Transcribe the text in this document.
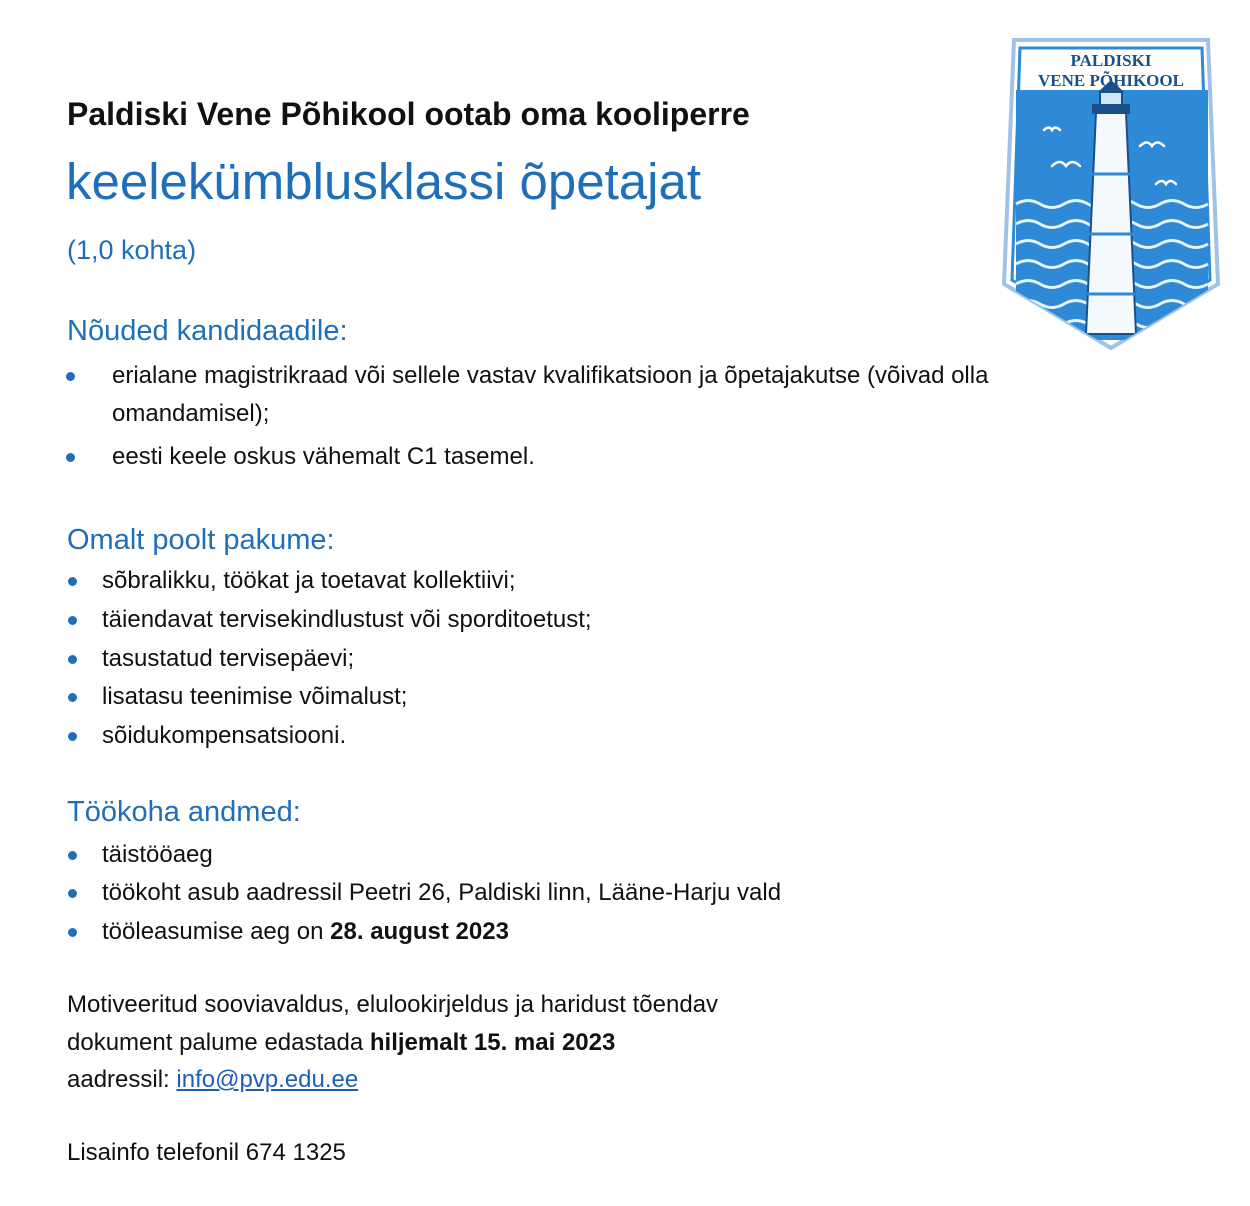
Paldiski Vene Põhikool ootab oma kooliperre

keelekümblusklassi õpetajat

(1,0 kohta)

PALDISKI
VENE PÕHIKOOL

Nõuded kandidaadile:

erialane magistrikraad või sellele vastav kvalifikatsioon ja õpetajakutse (võivad olla

omandamisel);

eesti keele oskus vähemalt C1 tasemel.

Omalt poolt pakume:

sõbralikku, töökat ja toetavat kollektiivi;

täiendavat tervisekindlustust või sporditoetust;

tasustatud tervisepäevi;

lisatasu teenimise võimalust;

sõidukompensatsiooni.

Töökoha andmed:

täistööaeg

töökoht asub aadressil Peetri 26, Paldiski linn, Lääne-Harju vald

tööleasumise aeg on 28. august 2023

Motiveeritud sooviavaldus, elulookirjeldus ja haridust tõendav

dokument palume edastada hiljemalt 15. mai 2023

aadressil: info@pvp.edu.ee

Lisainfo telefonil 674 1325
